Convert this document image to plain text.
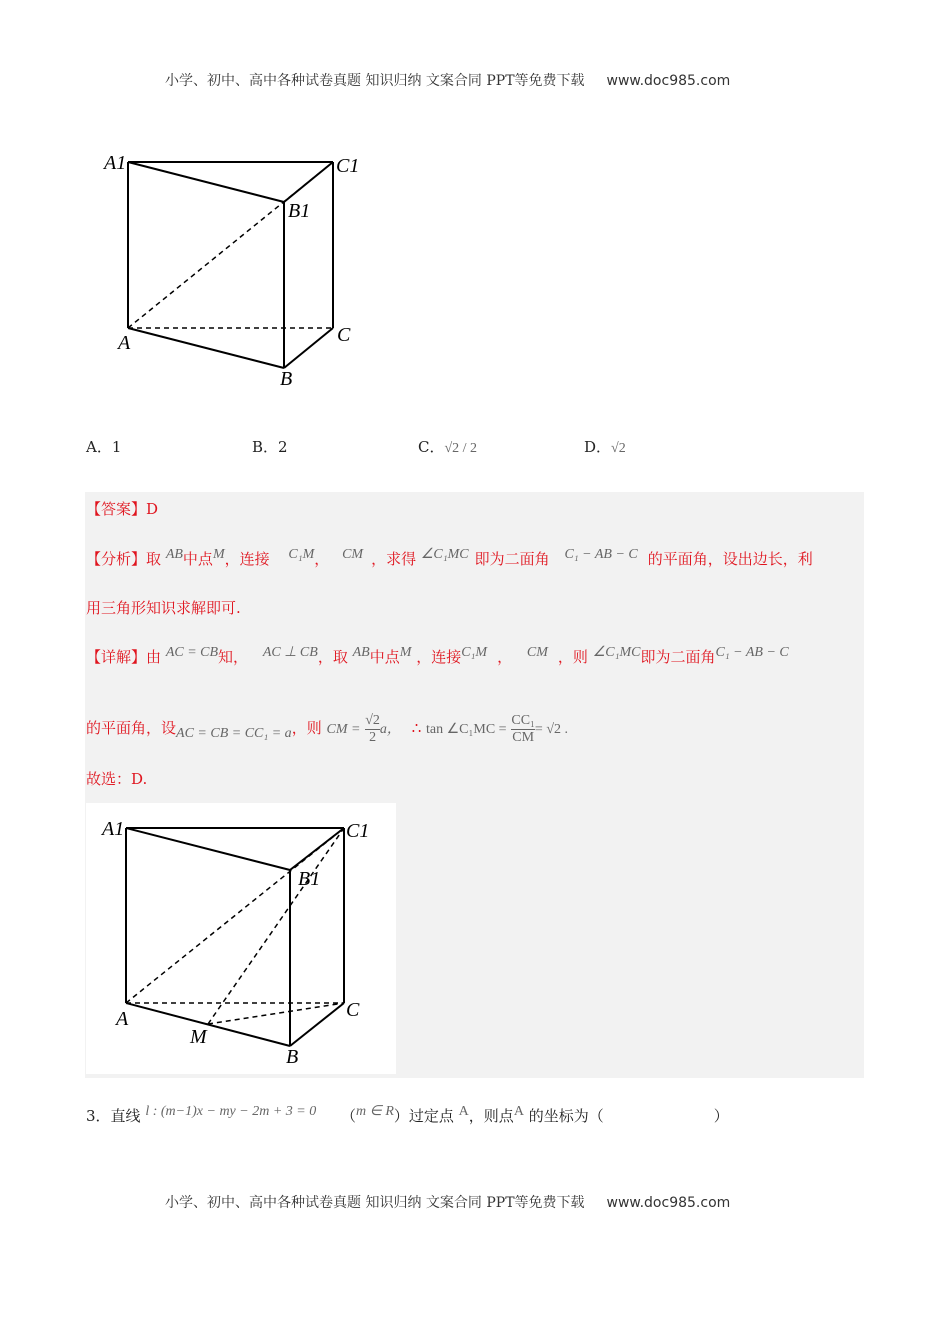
小学、初中、高中各种试卷真题 知识归纳 文案合同 PPT等免费下载 www.doc985.com
A1	C1
B1
A	C
B
A．1	B．2	C．√2 / 2	D．√2
【答案】D
【分析】取 $^{AB}$中点$^M$，连接 $^{C_1M}$， $^{CM}$ ，求得 $^{\angle C_1MC}$ 即为二面角 $^{C_1 - AB - C}$ 的平面角，设出边长，利
用三角形知识求解即可.
【详解】由 $^{AC = CB}$知， $^{AC \perp CB}$，取 $^{AB}$中点$^M$ ，连接$^{C_1M}$ ， $^{CM}$ ，则 $^{\angle C_1MC}$即为二面角$^{C_1 - AB - C}$
的平面角，设$_{AC = CB = CC_1 = a}$，则 CM = $\frac{√2}{2}$ a， ∴ tan ∠C₁MC = $\frac{\text{CC₁}}{CM} = √2$ .
故选：D.
A1	C1
B1
A
M
C
B
3．直线 $^{l : (m-1)x - my - 2m + 3 = 0}$ （$^{m \in R}$）过定点 $^A$，则点$^A$ 的坐标为（	）
小学、初中、高中各种试卷真题 知识归纳 文案合同 PPT等免费下载 www.doc985.com
